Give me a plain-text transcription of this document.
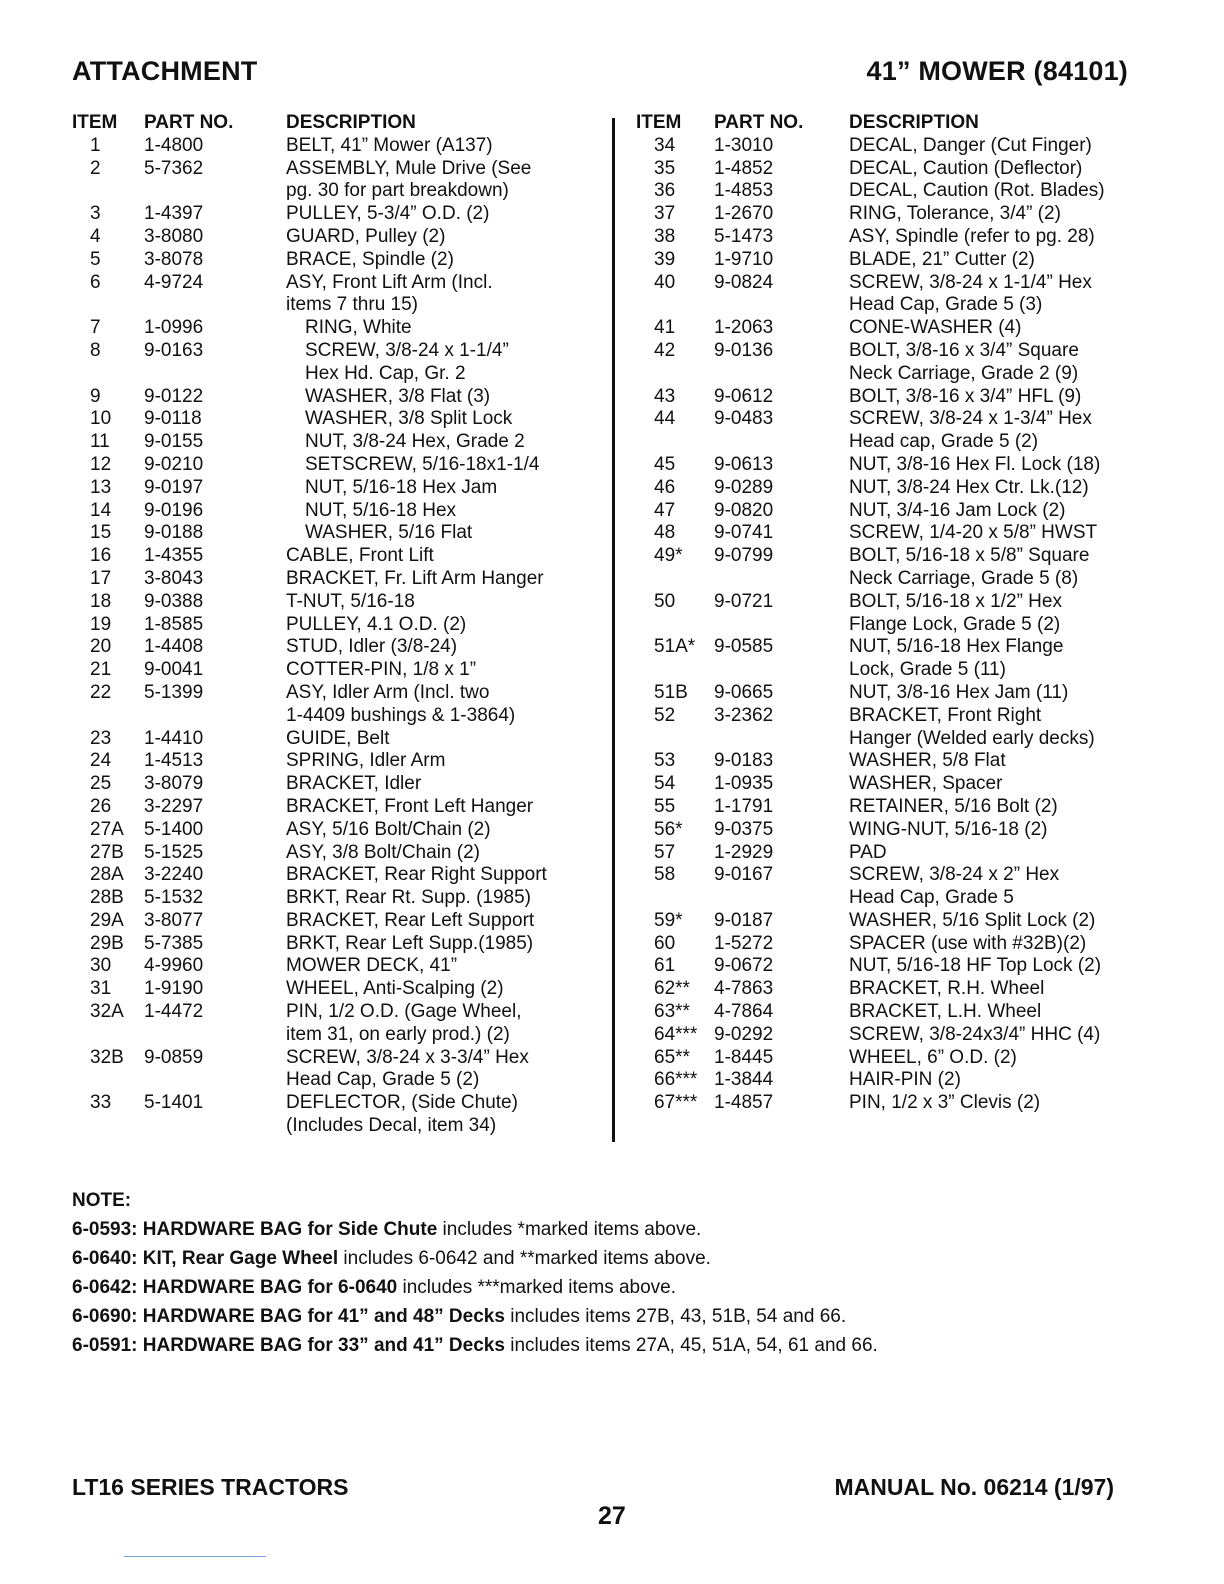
ATTACHMENT	41” MOWER (84101)
ITEM	PART NO.	DESCRIPTION
1	1-4800	BELT, 41” Mower (A137)
2	5-7362	ASSEMBLY, Mule Drive (See
pg. 30 for part breakdown)
3	1-4397	PULLEY, 5-3/4” O.D. (2)
4	3-8080	GUARD, Pulley (2)
5	3-8078	BRACE, Spindle (2)
6	4-9724	ASY, Front Lift Arm (Incl.
items 7 thru 15)
7	1-0996	RING, White
8	9-0163	SCREW, 3/8-24 x 1-1/4”
Hex Hd. Cap, Gr. 2
9	9-0122	WASHER, 3/8 Flat (3)
10	9-0118	WASHER, 3/8 Split Lock
11	9-0155	NUT, 3/8-24 Hex, Grade 2
12	9-0210	SETSCREW, 5/16-18x1-1/4
13	9-0197	NUT, 5/16-18 Hex Jam
14	9-0196	NUT, 5/16-18 Hex
15	9-0188	WASHER, 5/16 Flat
16	1-4355	CABLE, Front Lift
17	3-8043	BRACKET, Fr. Lift Arm Hanger
18	9-0388	T-NUT, 5/16-18
19	1-8585	PULLEY, 4.1 O.D. (2)
20	1-4408	STUD, Idler (3/8-24)
21	9-0041	COTTER-PIN, 1/8 x 1”
22	5-1399	ASY, Idler Arm (Incl. two
1-4409 bushings & 1-3864)
23	1-4410	GUIDE, Belt
24	1-4513	SPRING, Idler Arm
25	3-8079	BRACKET, Idler
26	3-2297	BRACKET, Front Left Hanger
27A	5-1400	ASY, 5/16 Bolt/Chain (2)
27B	5-1525	ASY, 3/8 Bolt/Chain (2)
28A	3-2240	BRACKET, Rear Right Support
28B	5-1532	BRKT, Rear Rt. Supp. (1985)
29A	3-8077	BRACKET, Rear Left Support
29B	5-7385	BRKT, Rear Left Supp.(1985)
30	4-9960	MOWER DECK, 41”
31	1-9190	WHEEL, Anti-Scalping (2)
32A	1-4472	PIN, 1/2 O.D. (Gage Wheel,
item 31, on early prod.) (2)
32B	9-0859	SCREW, 3/8-24 x 3-3/4” Hex
Head Cap, Grade 5 (2)
33	5-1401	DEFLECTOR, (Side Chute)
(Includes Decal, item 34)
ITEM	PART NO.	DESCRIPTION
34	1-3010	DECAL, Danger (Cut Finger)
35	1-4852	DECAL, Caution (Deflector)
36	1-4853	DECAL, Caution (Rot. Blades)
37	1-2670	RING, Tolerance, 3/4” (2)
38	5-1473	ASY, Spindle (refer to pg. 28)
39	1-9710	BLADE, 21” Cutter (2)
40	9-0824	SCREW, 3/8-24 x 1-1/4” Hex
Head Cap, Grade 5 (3)
41	1-2063	CONE-WASHER (4)
42	9-0136	BOLT, 3/8-16 x 3/4” Square
Neck Carriage, Grade 2 (9)
43	9-0612	BOLT, 3/8-16 x 3/4” HFL (9)
44	9-0483	SCREW, 3/8-24 x 1-3/4” Hex
Head cap, Grade 5 (2)
45	9-0613	NUT, 3/8-16 Hex Fl. Lock (18)
46	9-0289	NUT, 3/8-24 Hex Ctr. Lk.(12)
47	9-0820	NUT, 3/4-16 Jam Lock (2)
48	9-0741	SCREW, 1/4-20 x 5/8” HWST
49*	9-0799	BOLT, 5/16-18 x 5/8” Square
Neck Carriage, Grade 5 (8)
50	9-0721	BOLT, 5/16-18 x 1/2” Hex
Flange Lock, Grade 5 (2)
51A* 9-0585	NUT, 5/16-18 Hex Flange
Lock, Grade 5 (11)
51B	9-0665	NUT, 3/8-16 Hex Jam (11)
52	3-2362	BRACKET, Front Right
Hanger (Welded early decks)
53	9-0183	WASHER, 5/8 Flat
54	1-0935	WASHER, Spacer
55	1-1791	RETAINER, 5/16 Bolt (2)
56*	9-0375	WING-NUT, 5/16-18 (2)
57	1-2929	PAD
58	9-0167	SCREW, 3/8-24 x 2” Hex
Head Cap, Grade 5
59*	9-0187	WASHER, 5/16 Split Lock (2)
60	1-5272	SPACER (use with #32B)(2)
61	9-0672	NUT, 5/16-18 HF Top Lock (2)
62**	4-7863	BRACKET, R.H. Wheel
63**	4-7864	BRACKET, L.H. Wheel
64*** 9-0292	SCREW, 3/8-24x3/4” HHC (4)
65**	1-8445	WHEEL, 6” O.D. (2)
66*** 1-3844	HAIR-PIN (2)
67*** 1-4857	PIN, 1/2 x 3” Clevis (2)
NOTE:
6-0593: HARDWARE BAG for Side Chute includes *marked items above.
6-0640: KIT, Rear Gage Wheel includes 6-0642 and **marked items above.
6-0642: HARDWARE BAG for 6-0640 includes ***marked items above.
6-0690: HARDWARE BAG for 41” and 48” Decks includes items 27B, 43, 51B, 54 and 66.
6-0591: HARDWARE BAG for 33” and 41” Decks includes items 27A, 45, 51A, 54, 61 and 66.
LT16 SERIES TRACTORS
27
MANUAL No. 06214 (1/97)
